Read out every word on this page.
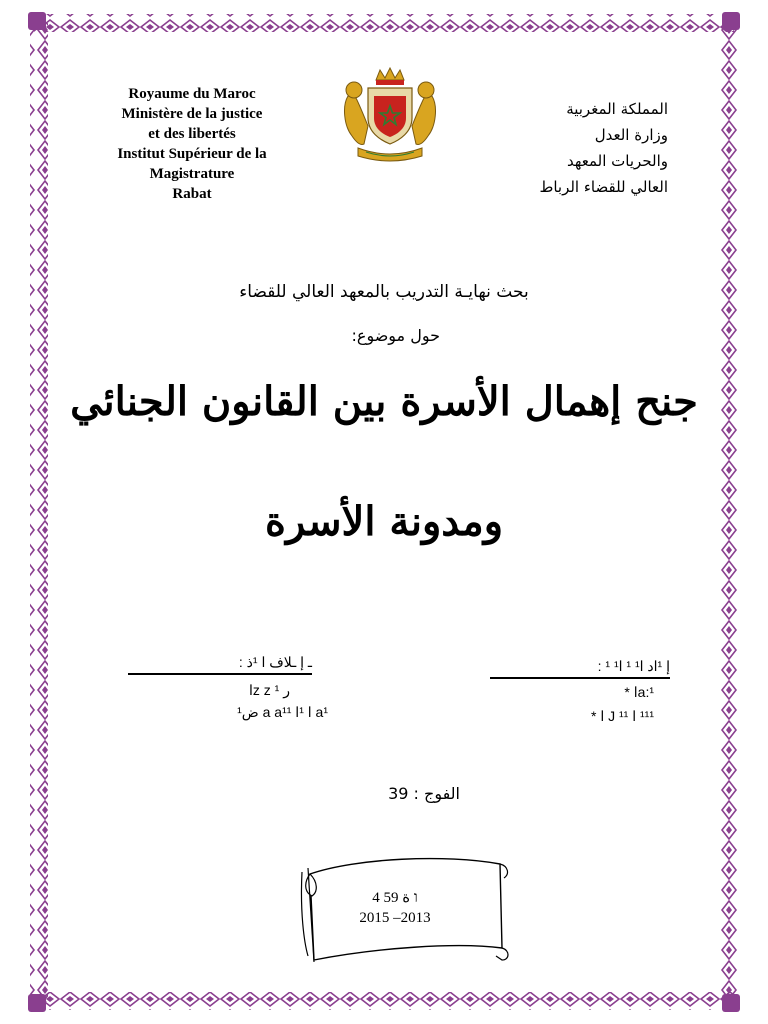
Royaume du Maroc
Ministère de la justice
et des libertés
Institut Supérieur de la
Magistrature
Rabat
المملكة المغربية
وزارة العدل
والحريات المعهد
العالي للقضاء الرباط
بحث نهايـة التدريب بالمعهد العالي للقضاء
حول موضوع:
جنح إهمال الأسرة بين القانون الجنائي
ومدونة الأسرة
ـ إ ـلاف ا ¹ذ :
ر z z ¹ا
a¹ ا ¹ا a a¹¹ ض¹
إ ¹اد ا¹ ¹ ا¹ ¹ :
a:¹ا *
¹¹¹ ا J ¹¹ ا *
الفوج : 39
4 5ו ة 9
2015 –2013
